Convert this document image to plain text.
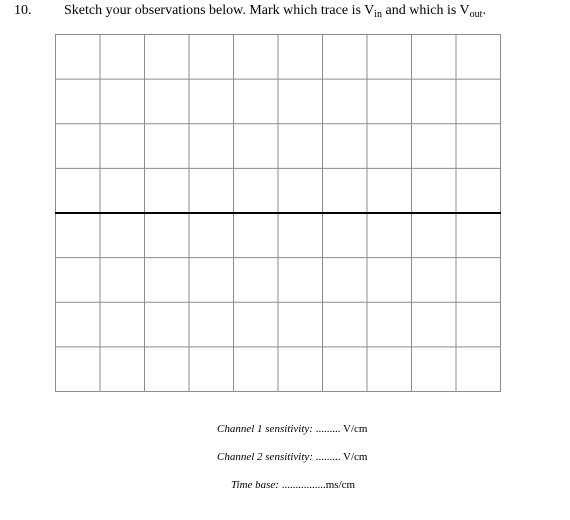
10. Sketch your observations below. Mark which trace is $V_{in}$ and which is $V_{out}$.
Channel 1 sensitivity: ......... V/cm
Channel 2 sensitivity: ......... V/cm
Time base: ................ms/cm
